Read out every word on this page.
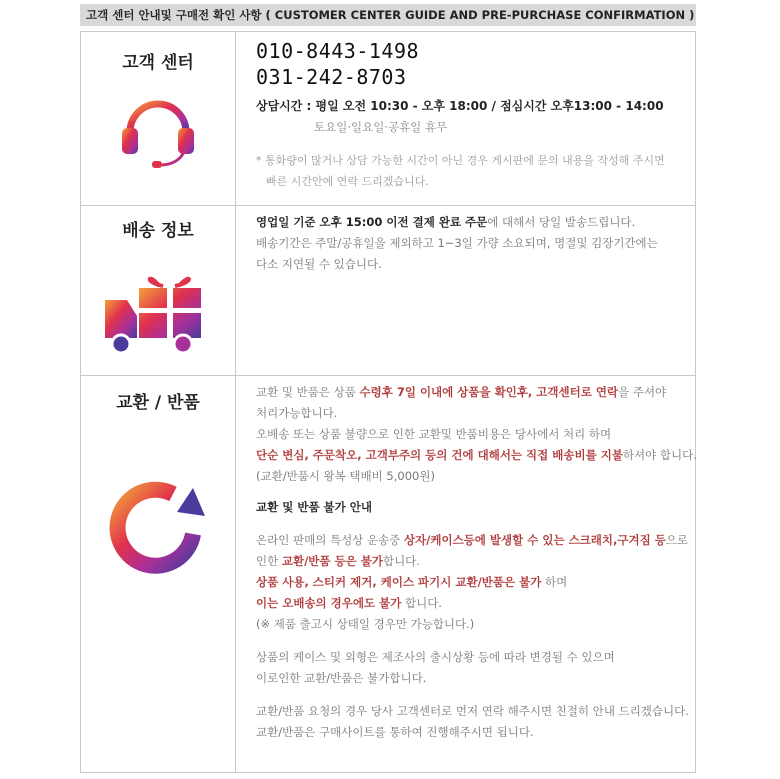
고객 센터 안내및 구매전 확인 사항 ( CUSTOMER CENTER GUIDE AND PRE-PURCHASE CONFIRMATION )
고객 센터	010-8443-1498
031-242-8703
상담시간 : 평일 오전 10:30 - 오후 18:00 / 점심시간 오후13:00 - 14:00
토요일·일요일·공휴일 휴무
* 통화량이 많거나 상담 가능한 시간이 아닌 경우 게시판에 문의 내용을 작성해 주시면
빠른 시간안에 연락 드리겠습니다.
배송 정보	영업일 기준 오후 15:00 이전 결제 완료 주문에 대해서 당일 발송드립니다.
배송기간은 주말/공휴일을 제외하고 1~3일 가량 소요되며, 명절및 김장기간에는
다소 지연될 수 있습니다.
교환 / 반품
교환 및 반품은 상품 수령후 7일 이내에 상품을 확인후, 고객센터로 연락을 주셔야
처리가능합니다.
오배송 또는 상품 불량으로 인한 교환및 반품비용은 당사에서 처리 하며
단순 변심, 주문착오, 고객부주의 등의 건에 대해서는 직접 배송비를 지불하셔야 합니다.
(교환/반품시 왕복 택배비 5,000원)
교환 및 반품 불가 안내
온라인 판매의 특성상 운송중 상자/케이스등에 발생할 수 있는 스크래치,구겨짐 등으로
인한 교환/반품 등은 불가합니다.
상품 사용, 스티커 제거, 케이스 파기시 교환/반품은 불가 하며
이는 오배송의 경우에도 불가 합니다.
(※ 제품 출고시 상태일 경우만 가능합니다.)
상품의 케이스 및 외형은 제조사의 출시상황 등에 따라 변경될 수 있으며
이로인한 교환/반품은 불가합니다.
교환/반품 요청의 경우 당사 고객센터로 먼저 연락 해주시면 친절히 안내 드리겠습니다.
교환/반품은 구매사이트를 통하여 진행해주시면 됩니다.
